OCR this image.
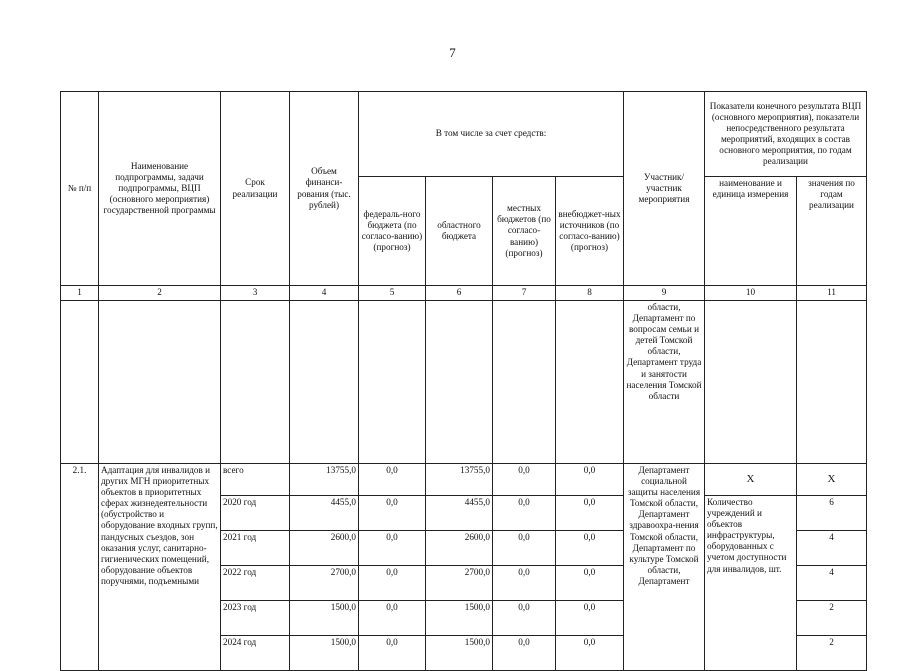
7
№ п/п	Наименование подпрограммы, задачи подпрограммы, ВЦП (основного мероприятия) государственной программы	Срок реализации	Объем финанси-рования (тыс. рублей)	В том числе за счет средств:				Участник/ участник мероприятия	Показатели конечного результата ВЦП (основного мероприятия), показатели непосредственного результата мероприятий, входящих в состав основного мероприятия, по годам реализации	
				федераль-ного бюджета (по согласо-ванию) (прогноз)	областного бюджета	местных бюджетов (по согласо-ванию) (прогноз)	внебюджет-ных источников (по согласо-ванию) (прогноз)		наименование и единица измерения	значения по годам реализации
1	2	3	4	5	6	7	8	9	10	11
								области, Департамент по вопросам семьи и детей Томской области, Департамент труда и занятости населения Томской области		
2.1.	Адаптация для инвалидов и других МГН приоритетных объектов в приоритетных сферах жизнедеятельности (обустройство и оборудование входных групп, пандусных съездов, зон оказания услуг, санитарно-гигиенических помещений, оборудование объектов поручнями, подъемными	всего	13755,0	0,0	13755,0	0,0	0,0	Департамент социальной защиты населения Томской области, Департамент здравоохра-нения Томской области, Департамент по культуре Томской области, Департамент	Х	Х
		2020 год	4455,0	0,0	4455,0	0,0	0,0		Количество учреждений и объектов инфраструктуры, оборудованных с учетом доступности для инвалидов, шт.	6
		2021 год	2600,0	0,0	2600,0	0,0	0,0			4
		2022 год	2700,0	0,0	2700,0	0,0	0,0			4
		2023 год	1500,0	0,0	1500,0	0,0	0,0			2
		2024 год	1500,0	0,0	1500,0	0,0	0,0			2
